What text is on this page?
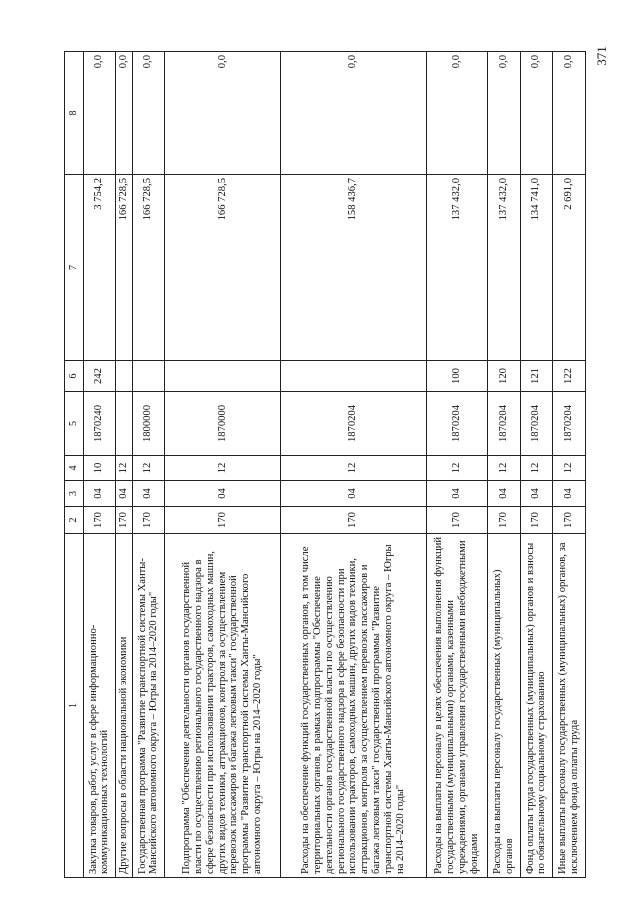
371
1	2	3	4	5	6	7	8
Закупка товаров, работ, услуг в сфере информационно-коммуникационных технологий	170	04	10	1870240	242	3 754,2	0,0
Другие вопросы в области национальной экономики	170	04	12			166 728,5	0,0
Государственная программа "Развитие транспортной системы Ханты-Мансийского автономного округа – Югры на 2014–2020 годы"	170	04	12	1800000		166 728,5	0,0
Подпрограмма "Обеспечение деятельности органов государственной власти по осуществлению регионального государственного надзора в сфере безопасности при использовании тракторов, самоходных машин, других видов техники, аттракционов, контроля за осуществлением перевозок пассажиров и багажа легковым такси" государственной программы "Развитие транспортной системы Ханты-Мансийского автономного округа – Югры на 2014–2020 годы"	170	04	12	1870000		166 728,5	0,0
Расходы на обеспечение функций государственных органов, в том числе территориальных органов, в рамках подпрограммы "Обеспечение деятельности органов государственной власти по осуществлению регионального государственного надзора в сфере безопасности при использовании тракторов, самоходных машин, других видов техники, аттракционов, контроля за осуществлением перевозок пассажиров и багажа легковым такси" государственной программы "Развитие транспортной системы Ханты-Мансийского автономного округа – Югры на 2014–2020 годы"	170	04	12	1870204		158 436,7	0,0
Расходы на выплаты персоналу в целях обеспечения выполнения функций государственными (муниципальными) органами, казенными учреждениями, органами управления государственными внебюджетными фондами	170	04	12	1870204	100	137 432,0	0,0
Расходы на выплаты персоналу государственных (муниципальных) органов	170	04	12	1870204	120	137 432,0	0,0
Фонд оплаты труда государственных (муниципальных) органов и взносы по обязательному социальному страхованию	170	04	12	1870204	121	134 741,0	0,0
Иные выплаты персоналу государственных (муниципальных) органов, за исключением фонда оплаты труда	170	04	12	1870204	122	2 691,0	0,0
